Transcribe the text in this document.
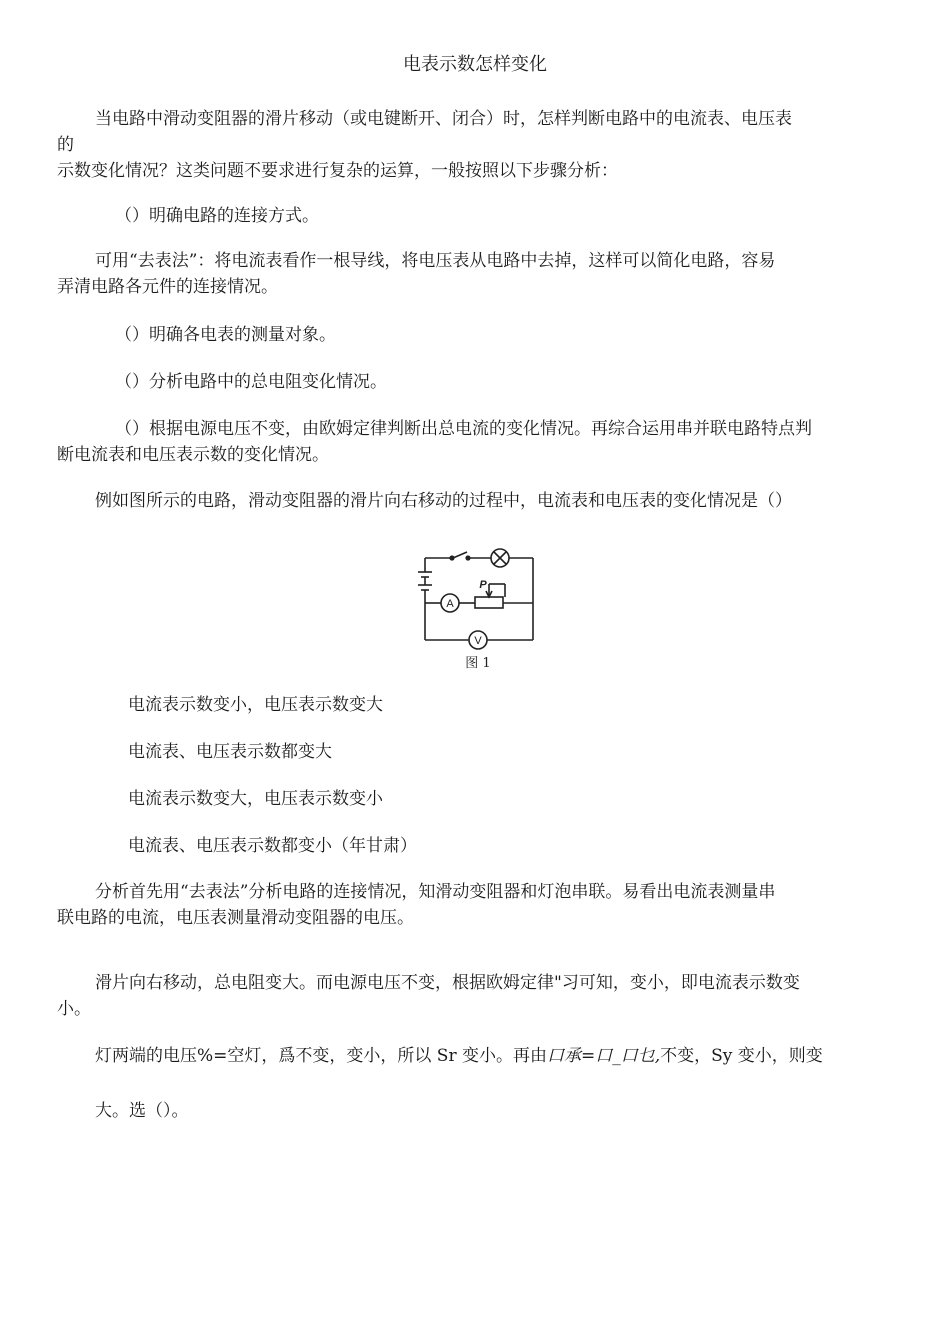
电表示数怎样变化

当电路中滑动变阻器的滑片移动（或电键断开、闭合）时，怎样判断电路中的电流表、电压表
的
示数变化情况？这类问题不要求进行复杂的运算，一般按照以下步骤分析：

（）明确电路的连接方式。

可用“去表法”：将电流表看作一根导线，将电压表从电路中去掉，这样可以简化电路，容易
弄清电路各元件的连接情况。

（）明确各电表的测量对象。

（）分析电路中的总电阻变化情况。

（）根据电源电压不变，由欧姆定律判断出总电流的变化情况。再综合运用串并联电路特点判
断电流表和电压表示数的变化情况。

例如图所示的电路，滑动变阻器的滑片向右移动的过程中，电流表和电压表的变化情况是（）

A
V
P
图 1

电流表示数变小，电压表示数变大

电流表、电压表示数都变大

电流表示数变大，电压表示数变小

电流表、电压表示数都变小（年甘肃）

分析首先用“去表法”分析电路的连接情况，知滑动变阻器和灯泡串联。易看出电流表测量串
联电路的电流，电压表测量滑动变阻器的电压。

滑片向右移动，总电阻变大。而电源电压不变，根据欧姆定律"习可知，变小，即电流表示数变
小。

灯两端的电压%=空灯，爲不变，变小，所以 Sr 变小。再由口承=口_口乜,不变，Sy 变小，则变

大。选（）。
